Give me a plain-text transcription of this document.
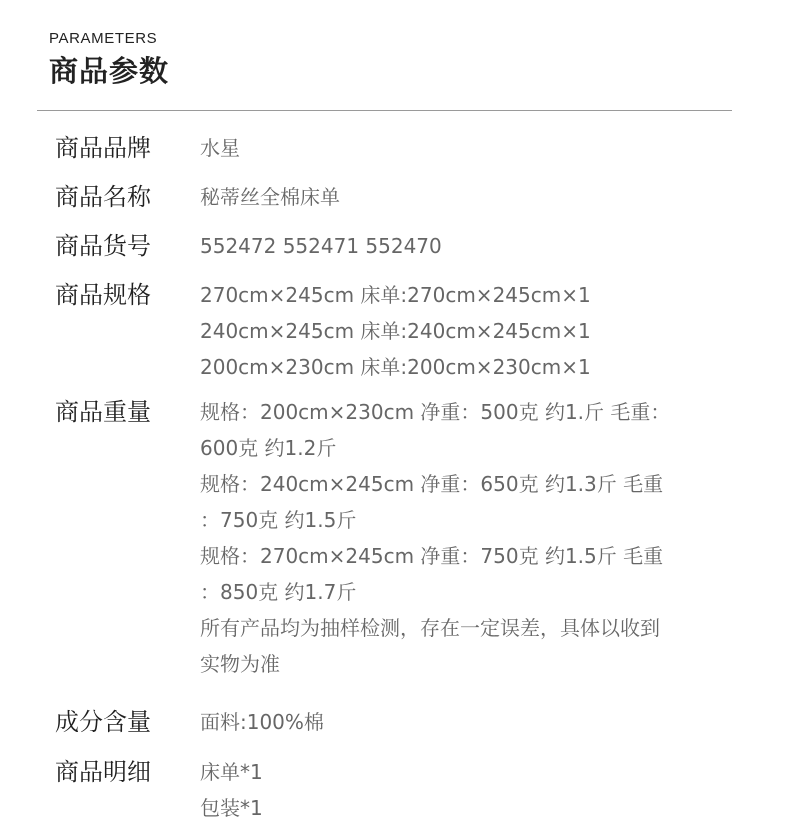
PARAMETERS
商品参数
商品品牌	水星
商品名称	秘蒂丝全棉床单
商品货号	552472 552471 552470
商品规格	270cm×245cm 床单:270cm×245cm×1
240cm×245cm 床单:240cm×245cm×1
200cm×230cm 床单:200cm×230cm×1
商品重量	规格：200cm×230cm 净重：500克 约1.斤 毛重：
600克 约1.2斤
规格：240cm×245cm 净重：650克 约1.3斤 毛重
：750克 约1.5斤
规格：270cm×245cm 净重：750克 约1.5斤 毛重
：850克 约1.7斤
所有产品均为抽样检测，存在一定误差，具体以收到
实物为准
成分含量	面料:100%棉
商品明细	床单*1
包装*1
